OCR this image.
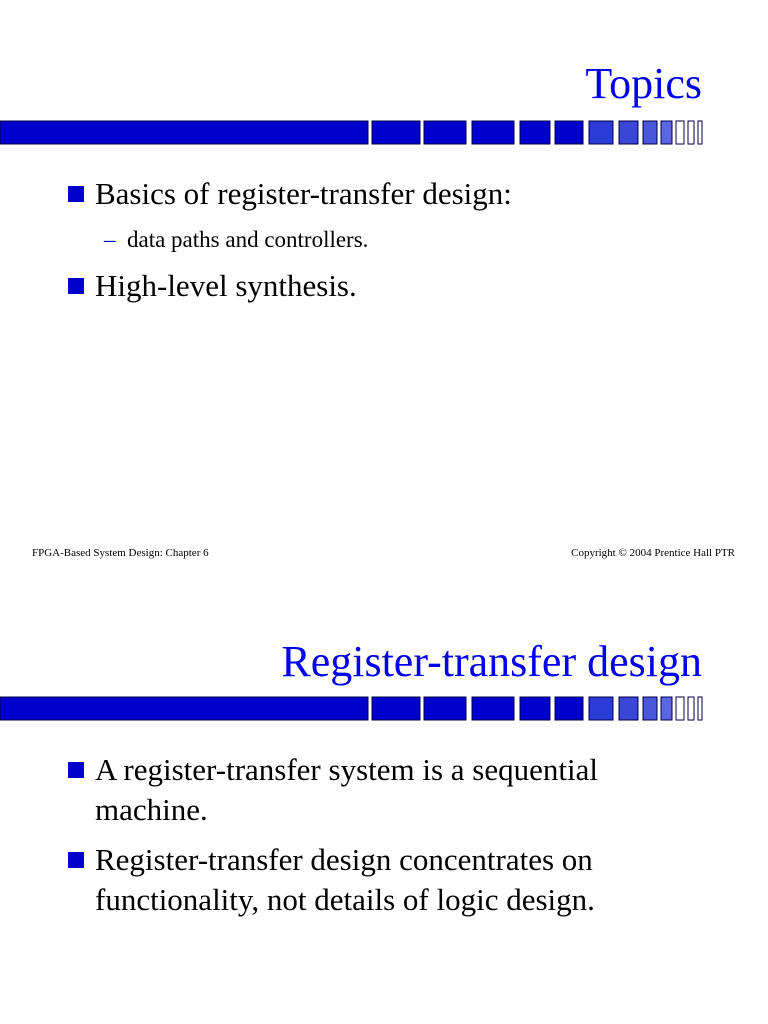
Topics
Basics of register-transfer design:
– data paths and controllers.
High-level synthesis.
FPGA-Based System Design: Chapter 6	Copyright © 2004 Prentice Hall PTR
Register-transfer design
A register-transfer system is a sequential
machine.
Register-transfer design concentrates on
functionality, not details of logic design.
